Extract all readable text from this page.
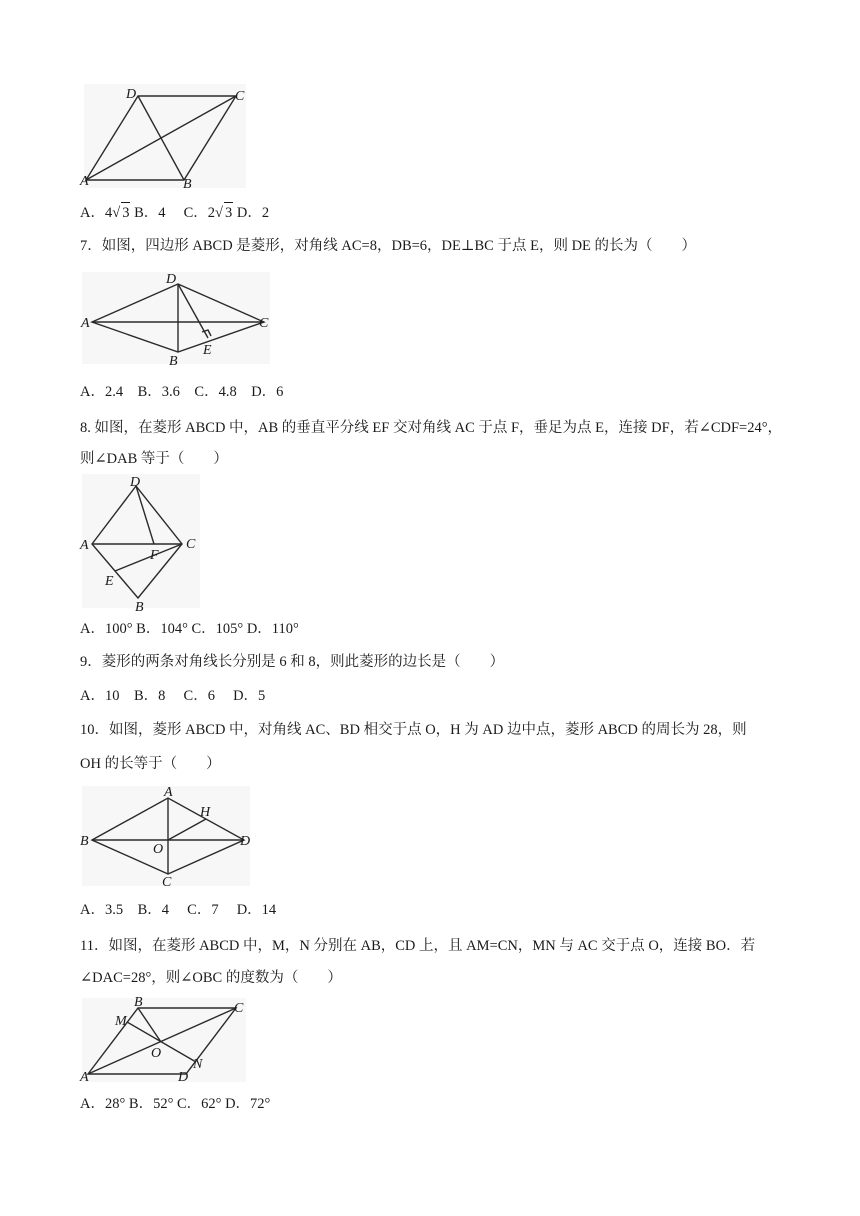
D	C
A	B
A．4√ 3 B．4 C．2√ 3 D．2
7．如图，四边形 ABCD 是菱形，对角线 AC=8，DB=6，DE⊥BC 于点 E，则 DE 的长为（　　）
D
A	C
B
E
A．2.4　B．3.6　C．4.8　D．6
8. 如图，在菱形 ABCD 中，AB 的垂直平分线 EF 交对角线 AC 于点 F，垂足为点 E，连接 DF，若∠CDF=24°，
则∠DAB 等于（　　）
D
A	C
F
E
B
A．100° B．104° C．105° D．110°
9．菱形的两条对角线长分别是 6 和 8，则此菱形的边长是（　　）
A．10　B．8　 C．6　 D．5
10．如图，菱形 ABCD 中，对角线 AC、BD 相交于点 O，H 为 AD 边中点，菱形 ABCD 的周长为 28，则
OH 的长等于（　　）
A
H
B	D
O
C
A．3.5　B．4　 C．7　 D．14
11．如图，在菱形 ABCD 中，M，N 分别在 AB，CD 上，且 AM=CN，MN 与 AC 交于点 O，连接 BO．若
∠DAC=28°，则∠OBC 的度数为（　　）
B	C
M
O
N
A	D
A．28° B．52° C．62° D．72°
